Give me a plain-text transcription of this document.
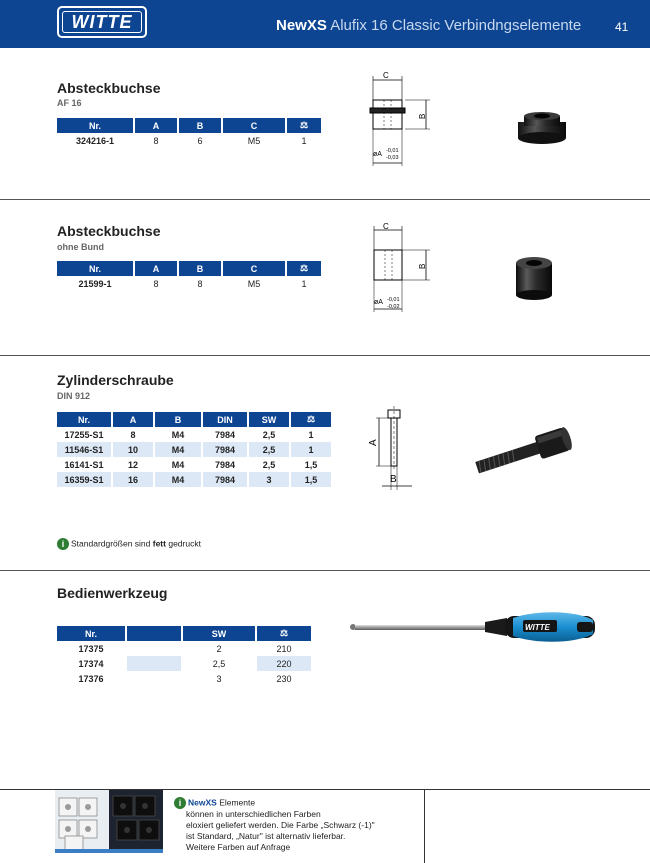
WITTE	NewXS Alufix 16 Classic Verbindngselemente	41
Absteckbuchse
AF 16
Nr.	A	B	C	⚖
324216-1	8	6	M5	1
C
B
øA -0,01
-0,03
Absteckbuchse
ohne Bund
Nr.	A	B	C	⚖
21599-1	8	8	M5	1
C
B
øA -0,01
-0,02
Zylinderschraube
DIN 912
Nr.	A	B	DIN	SW	⚖
17255-S1	8	M4	7984	2,5	1
11546-S1	10	M4	7984	2,5	1
16141-S1	12	M4	7984	2,5	1,5
16359-S1	16	M4	7984	3	1,5
A
B
i Standardgrößen sind fett gedruckt
Bedienwerkzeug
Nr.		SW	⚖
17375		2	210
17374		2,5	220
17376		3	230
WITTE
i NewXS Elemente
können in unterschiedlichen Farben
eloxiert geliefert werden. Die Farbe „Schwarz (-1)"
ist Standard, „Natur" ist alternativ lieferbar.
Weitere Farben auf Anfrage
